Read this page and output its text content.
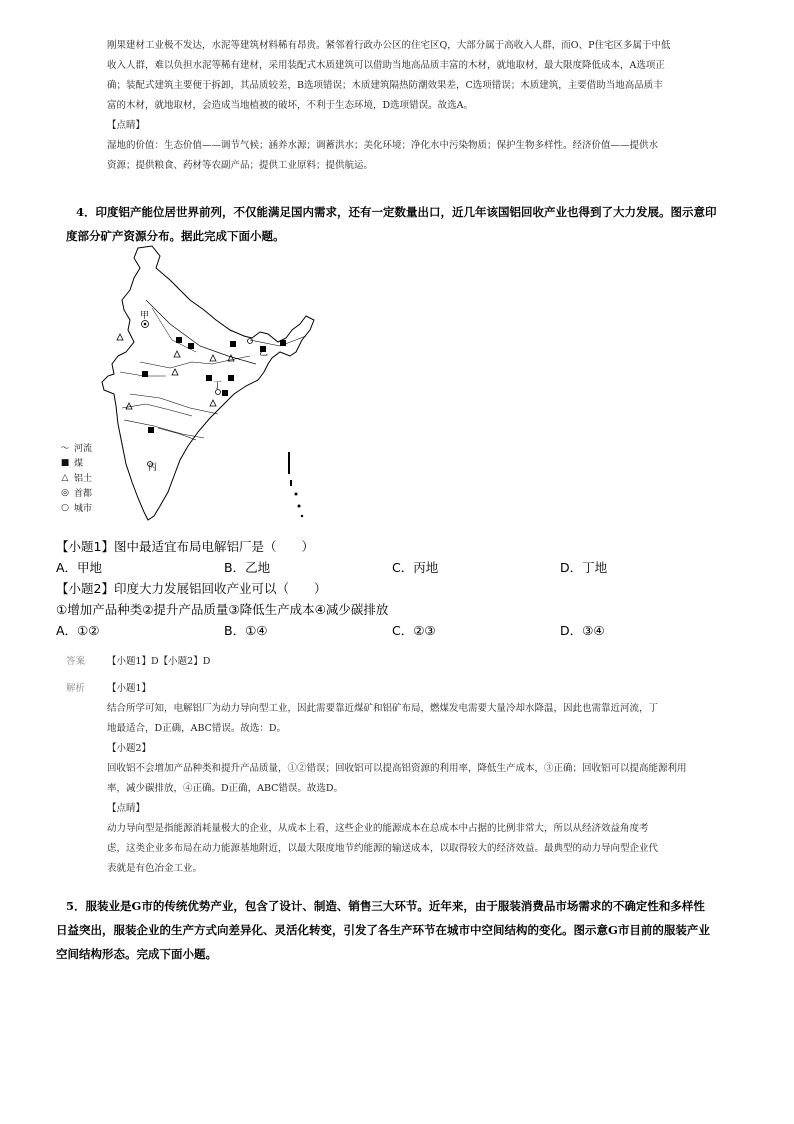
刚果建材工业极不发达，水泥等建筑材料稀有昂贵。紧邻着行政办公区的住宅区Q，大部分属于高收入人群，而O、P住宅区多属于中低
收入人群，难以负担水泥等稀有建材，采用装配式木质建筑可以借助当地高品质丰富的木材，就地取材，最大限度降低成本，A选项正
确；装配式建筑主要便于拆卸，其品质较差，B选项错误；木质建筑隔热防潮效果差，C选项错误；木质建筑，主要借助当地高品质丰
富的木材，就地取材，会造成当地植被的破坏，不利于生态环境，D选项错误。故选A。
【点睛】
湿地的价值：生态价值——调节气候；涵养水源；调蓄洪水；美化环境；净化水中污染物质；保护生物多样性。经济价值——提供水
资源；提供粮食、药材等农副产品；提供工业原料；提供航运。
4．印度铝产能位居世界前列，不仅能满足国内需求，还有一定数量出口，近几年该国铝回收产业也得到了大力发展。图示意印
度部分矿产资源分布。据此完成下面小题。
甲
乙
丙
丁
〜 河流
■ 煤
△ 铝土
◎ 首都
○ 城市
【小题1】图中最适宜布局电解铝厂是（　　）
A．甲地	B．乙地	C．丙地	D．丁地
【小题2】印度大力发展铝回收产业可以（　　）
①增加产品种类②提升产品质量③降低生产成本④减少碳排放
A．①②	B．①④	C．②③	D．③④
答案 【小题1】D【小题2】D
解析 【小题1】
结合所学可知，电解铝厂为动力导向型工业，因此需要靠近煤矿和铝矿布局，燃煤发电需要大量冷却水降温，因此也需靠近河流，丁
地最适合，D正确，ABC错误。故选：D。
【小题2】
回收铝不会增加产品种类和提升产品质量，①②错误；回收铝可以提高铝资源的利用率，降低生产成本，③正确；回收铝可以提高能源利用
率，减少碳排放，④正确。D正确，ABC错误。故选D。
【点睛】
动力导向型是指能源消耗量极大的企业，从成本上看，这些企业的能源成本在总成本中占据的比例非常大，所以从经济效益角度考
虑，这类企业多布局在动力能源基地附近，以最大限度地节约能源的输送成本，以取得较大的经济效益。最典型的动力导向型企业代
表就是有色冶金工业。
5．服装业是G市的传统优势产业，包含了设计、制造、销售三大环节。近年来，由于服装消费品市场需求的不确定性和多样性
日益突出，服装企业的生产方式向差异化、灵活化转变，引发了各生产环节在城市中空间结构的变化。图示意G市目前的服装产业
空间结构形态。完成下面小题。
